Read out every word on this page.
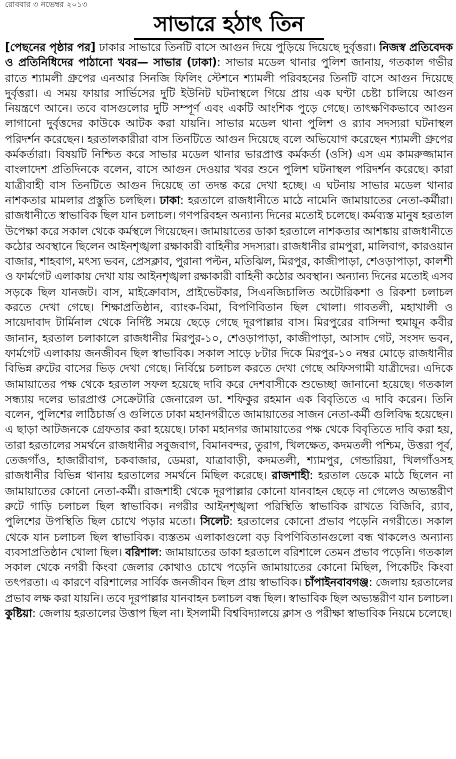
রোববার ৩ নভেম্বর ২০১৩
সাভারে হঠাৎ তিন
[পেছনের পৃষ্ঠার পর] ঢাকার সাভারে তিনটি বাসে আগুন দিয়ে পুড়িয়ে দিয়েছে দুর্বৃত্তরা। নিজস্ব প্রতিবেদক ও প্রতিনিধিদের পাঠানো খবর— সাভার (ঢাকা): সাভার মডেল থানার পুলিশ জানায়, গতকাল গভীর রাতে শ্যামলী গ্রুপের এনআর সিনজি ফিলিং স্টেশনে শ্যামলী পরিবহনের তিনটি বাসে আগুন দিয়েছে দুর্বৃত্তরা। এ সময় ফায়ার সার্ভিসের দুটি ইউনিট ঘটনাস্থলে গিয়ে প্রায় এক ঘণ্টা চেষ্টা চালিয়ে আগুন নিয়ন্ত্রণে আনে। তবে বাসগুলোর দুটি সম্পূর্ণ এবং একটি আংশিক পুড়ে গেছে। তাৎক্ষণিকভাবে আগুন লাগানো দুর্বৃত্তদের কাউকে আটক করা যায়নি। সাভার মডেল থানা পুলিশ ও র‌্যাব সদস্যরা ঘটনাস্থল পরিদর্শন করেছেন। হরতালকারীরা বাস তিনটিতে আগুন দিয়েছে বলে অভিযোগ করেছেন শ্যামলী গ্রুপের কর্মকর্তারা। বিষয়টি নিশ্চিত করে সাভার মডেল থানার ভারপ্রাপ্ত কর্মকর্তা (ওসি) এস এম কামরুজ্জামান বাংলাদেশ প্রতিদিনকে বলেন, বাসে আগুন দেওয়ার খবর শুনে পুলিশ ঘটনাস্থল পরিদর্শন করেছে। কারা যাত্রীবাহী বাস তিনটিতে আগুন দিয়েছে তা তদন্ত করে দেখা হচ্ছে। এ ঘটনায় সাভার মডেল থানার নাশকতার মামলার প্রস্তুতি চলছিল। ঢাকা: হরতালে রাজধানীতে মাঠে নামেনি জামায়াতের নেতা-কর্মীরা। রাজধানীতে স্বাভাবিক ছিল যান চলাচল। গণপরিবহন অন্যান্য দিনের মতোই চলেছে। কর্মব্যস্ত মানুষ হরতাল উপেক্ষা করে সকাল থেকে কর্মস্থলে গিয়েছেন। জামায়াতের ডাকা হরতালে নাশকতার আশঙ্কায় রাজধানীতে কঠোর অবস্থানে ছিলেন আইনশৃঙ্খলা রক্ষাকারী বাহিনীর সদস্যরা। রাজধানীর রামপুরা, মালিবাগ, কারওয়ান বাজার, শাহবাগ, মৎস্য ভবন, প্রেসক্লাব, পুরানা পল্টন, মতিঝিল, মিরপুর, কাজীপাড়া, শেওড়াপাড়া, কালশী ও ফার্মগেট এলাকায় দেখা যায় আইনশৃঙ্খলা রক্ষাকারী বাহিনী কঠোর অবস্থান। অন্যান্য দিনের মতোই এসব সড়কে ছিল যানজট। বাস, মাইক্রোবাস, প্রাইভেটকার, সিএনজিচালিত অটোরিকশা ও রিকশা চলাচল করতে দেখা গেছে। শিক্ষাপ্রতিষ্ঠান, ব্যাংক-বিমা, বিপণিবিতান ছিল খোলা। গাবতলী, মহাখালী ও সায়েদাবাদ টার্মিনাল থেকে নির্দিষ্ট সময়ে ছেড়ে গেছে দূরপাল্লার বাস। মিরপুরের বাসিন্দা হুমায়ূন কবীর জানান, হরতাল চলাকালে রাজধানীর মিরপুর-১০, শেওড়াপাড়া, কাজীপাড়া, আসাদ গেট, সংসদ ভবন, ফার্মগেট এলাকায় জনজীবন ছিল স্বাভাবিক। সকাল সাড়ে ৮টার দিকে মিরপুর-১০ নম্বর মোড়ে রাজধানীর বিভিন্ন রুটের বাসের ভিড় দেখা গেছে। নির্বিঘ্নে চলাচল করতে দেখা গেছে অফিসগামী যাত্রীদের। এদিকে জামায়াতের পক্ষ থেকে হরতাল সফল হয়েছে দাবি করে দেশবাসীকে শুভেচ্ছা জানানো হয়েছে। গতকাল সন্ধ্যায় দলের ভারপ্রাপ্ত সেক্রেটারি জেনারেল ডা. শফিকুর রহমান এক বিবৃতিতে এ দাবি করেন। তিনি বলেন, পুলিশের লাঠিচার্জ ও গুলিতে ঢাকা মহানগরীতে জামায়াতের সাজন নেতা-কর্মী গুলিবিদ্ধ হয়েছেন। এ ছাড়া আটজনকে গ্রেফতার করা হয়েছে। ঢাকা মহানগর জামায়াতের পক্ষ থেকে বিবৃতিতে দাবি করা হয়, তারা হরতালের সমর্থনে রাজধানীর সবুজবাগ, বিমানবন্দর, তুরাগ, খিলক্ষেত, কদমতলী পশ্চিম, উত্তরা পূর্ব, তেজগাঁও, হাজারীবাগ, চকবাজার, ডেমরা, যাত্রাবাড়ী, কদমতলী, শ্যামপুর, গেন্ডারিয়া, খিলগাঁওসহ রাজধানীর বিভিন্ন থানায় হরতালের সমর্থনে মিছিল করেছে। রাজশাহী: হরতাল ডেকে মাঠে ছিলেন না জামায়াতের কোনো নেতা-কর্মী। রাজশাহী থেকে দূরপাল্লার কোনো যানবাহন ছেড়ে না গেলেও অভ্যন্তরীণ রুটে গাড়ি চলাচল ছিল স্বাভাবিক। নগরীর আইনশৃঙ্খলা পরিস্থিতি স্বাভাবিক রাখতে বিজিবি, র‌্যাব, পুলিশের উপস্থিতি ছিল চোখে পড়ার মতো। সিলেট: হরতালের কোনো প্রভাব পড়েনি নগরীতে। সকাল থেকে যান চলাচল ছিল স্বাভাবিক। ব্যস্ততম এলাকাগুলো বড় বিপণিবিতানগুলো বন্ধ থাকলেও অন্যান্য ব্যবসাপ্রতিষ্ঠান খোলা ছিল। বরিশাল: জামায়াতের ডাকা হরতালে বরিশালে তেমন প্রভাব পড়েনি। গতকাল সকাল থেকে নগরী কিংবা জেলার কোথাও চোখে পড়েনি জামায়াতের কোনো মিছিল, পিকেটিং কিংবা তৎপরতা। এ কারণে বরিশালের সার্বিক জনজীবন ছিল প্রায় স্বাভাবিক। চাঁপাইনবাবগঞ্জ: জেলায় হরতালের প্রভাব লক্ষ করা যায়নি। তবে দূরপাল্লার যানবাহন চলাচল বন্ধ ছিল। স্বাভাবিক ছিল অভ্যন্তরীণ যান চলাচল। কুষ্টিয়া: জেলায় হরতালের উত্তাপ ছিল না। ইসলামী বিশ্ববিদ্যালয়ে ক্লাস ও পরীক্ষা স্বাভাবিক নিয়মে চলেছে।
